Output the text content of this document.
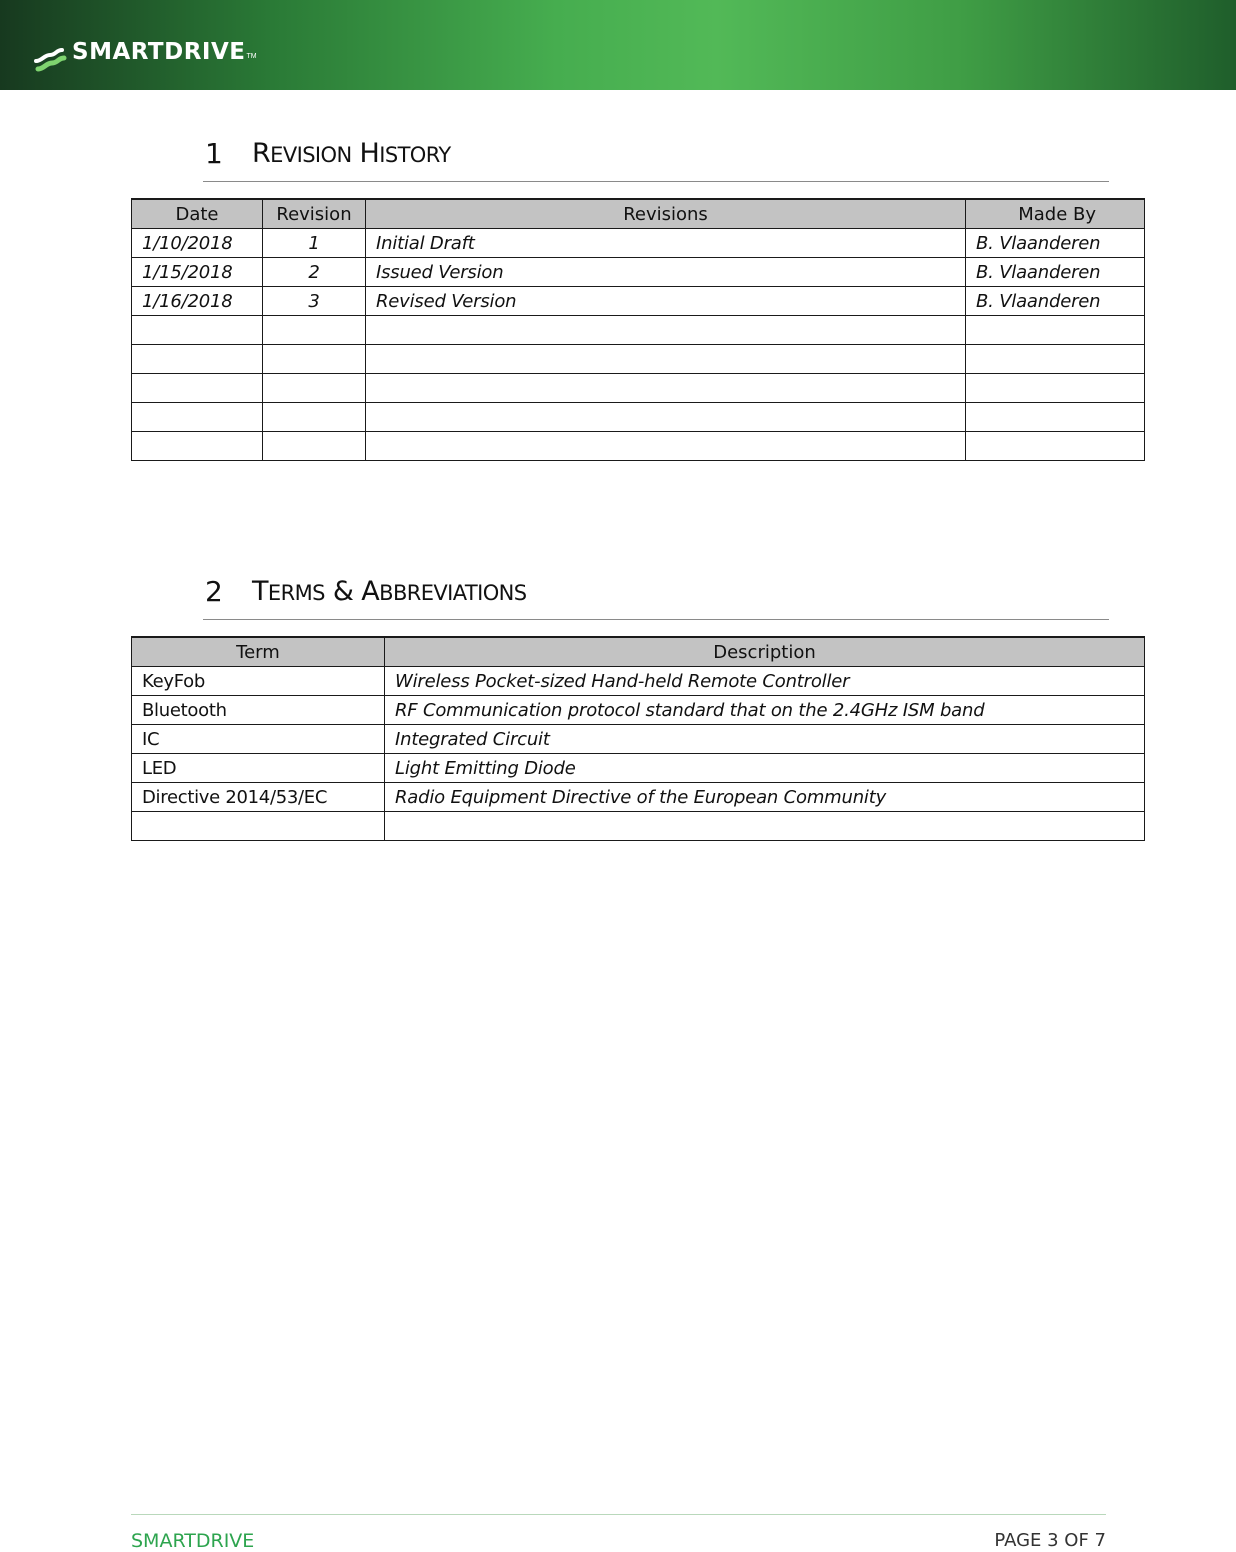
SMARTDRIVE TM
1 REVISION HISTORY
Date	Revision	Revisions	Made By
1/10/2018	1	Initial Draft	B. Vlaanderen
1/15/2018	2	Issued Version	B. Vlaanderen
1/16/2018	3	Revised Version	B. Vlaanderen

2 TERMS & ABBREVIATIONS
Term	Description
KeyFob	Wireless Pocket-sized Hand-held Remote Controller
Bluetooth	RF Communication protocol standard that on the 2.4GHz ISM band
IC	Integrated Circuit
LED	Light Emitting Diode
Directive 2014/53/EC	Radio Equipment Directive of the European Community

SMARTDRIVE	PAGE 3 OF 7
